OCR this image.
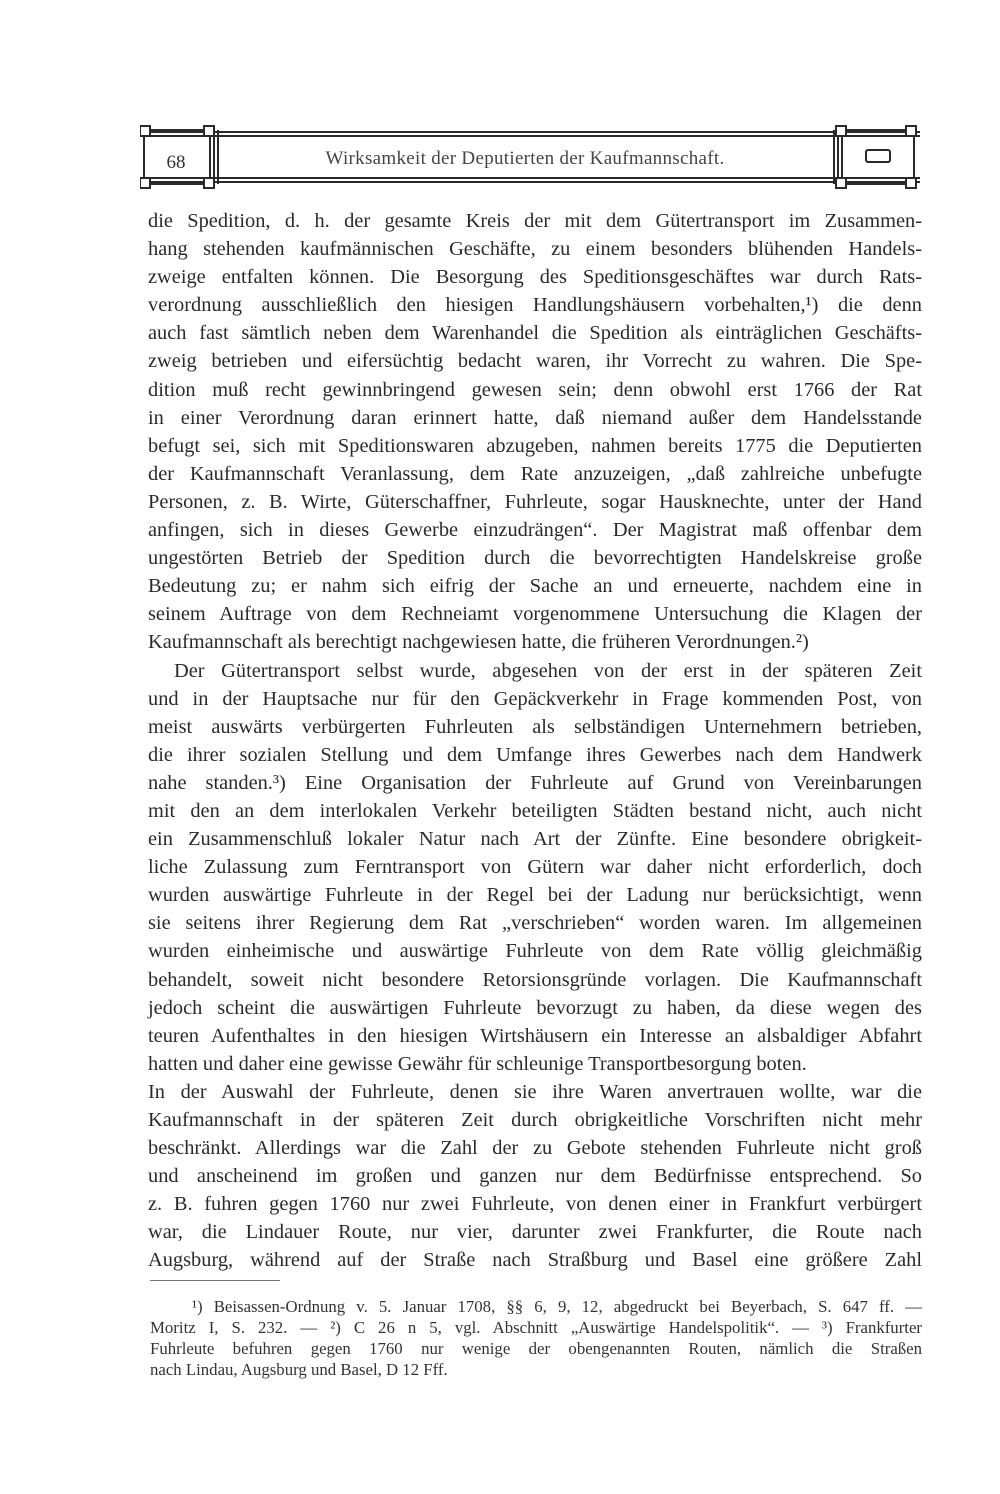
68	Wirksamkeit der Deputierten der Kaufmannschaft.

die Spedition, d. h. der gesamte Kreis der mit dem Gütertransport im Zusammen-
hang stehenden kaufmännischen Geschäfte, zu einem besonders blühenden Handels-
zweige entfalten können. Die Besorgung des Speditionsgeschäftes war durch Rats-
verordnung ausschließlich den hiesigen Handlungshäusern vorbehalten,¹) die denn
auch fast sämtlich neben dem Warenhandel die Spedition als einträglichen Geschäfts-
zweig betrieben und eifersüchtig bedacht waren, ihr Vorrecht zu wahren. Die Spe-
dition muß recht gewinnbringend gewesen sein; denn obwohl erst 1766 der Rat
in einer Verordnung daran erinnert hatte, daß niemand außer dem Handelsstande
befugt sei, sich mit Speditionswaren abzugeben, nahmen bereits 1775 die Deputierten
der Kaufmannschaft Veranlassung, dem Rate anzuzeigen, „daß zahlreiche unbefugte
Personen, z. B. Wirte, Güterschaffner, Fuhrleute, sogar Hausknechte, unter der Hand
anfingen, sich in dieses Gewerbe einzudrängen“. Der Magistrat maß offenbar dem
ungestörten Betrieb der Spedition durch die bevorrechtigten Handelskreise große
Bedeutung zu; er nahm sich eifrig der Sache an und erneuerte, nachdem eine in
seinem Auftrage von dem Rechneiamt vorgenommene Untersuchung die Klagen der
Kaufmannschaft als berechtigt nachgewiesen hatte, die früheren Verordnungen.²)

Der Gütertransport selbst wurde, abgesehen von der erst in der späteren Zeit
und in der Hauptsache nur für den Gepäckverkehr in Frage kommenden Post, von
meist auswärts verbürgerten Fuhrleuten als selbständigen Unternehmern betrieben,
die ihrer sozialen Stellung und dem Umfange ihres Gewerbes nach dem Handwerk
nahe standen.³) Eine Organisation der Fuhrleute auf Grund von Vereinbarungen
mit den an dem interlokalen Verkehr beteiligten Städten bestand nicht, auch nicht
ein Zusammenschluß lokaler Natur nach Art der Zünfte. Eine besondere obrigkeit-
liche Zulassung zum Ferntransport von Gütern war daher nicht erforderlich, doch
wurden auswärtige Fuhrleute in der Regel bei der Ladung nur berücksichtigt, wenn
sie seitens ihrer Regierung dem Rat „verschrieben“ worden waren. Im allgemeinen
wurden einheimische und auswärtige Fuhrleute von dem Rate völlig gleichmäßig
behandelt, soweit nicht besondere Retorsionsgründe vorlagen. Die Kaufmannschaft
jedoch scheint die auswärtigen Fuhrleute bevorzugt zu haben, da diese wegen des
teuren Aufenthaltes in den hiesigen Wirtshäusern ein Interesse an alsbaldiger Abfahrt
hatten und daher eine gewisse Gewähr für schleunige Transportbesorgung boten.
In der Auswahl der Fuhrleute, denen sie ihre Waren anvertrauen wollte, war die
Kaufmannschaft in der späteren Zeit durch obrigkeitliche Vorschriften nicht mehr
beschränkt. Allerdings war die Zahl der zu Gebote stehenden Fuhrleute nicht groß
und anscheinend im großen und ganzen nur dem Bedürfnisse entsprechend. So
z. B. fuhren gegen 1760 nur zwei Fuhrleute, von denen einer in Frankfurt verbürgert
war, die Lindauer Route, nur vier, darunter zwei Frankfurter, die Route nach
Augsburg, während auf der Straße nach Straßburg und Basel eine größere Zahl

¹) Beisassen-Ordnung v. 5. Januar 1708, §§ 6, 9, 12, abgedruckt bei Beyerbach, S. 647 ff. —
Moritz I, S. 232. — ²) C 26 n 5, vgl. Abschnitt „Auswärtige Handelspolitik“. — ³) Frankfurter
Fuhrleute befuhren gegen 1760 nur wenige der obengenannten Routen, nämlich die Straßen
nach Lindau, Augsburg und Basel, D 12 Fff.
